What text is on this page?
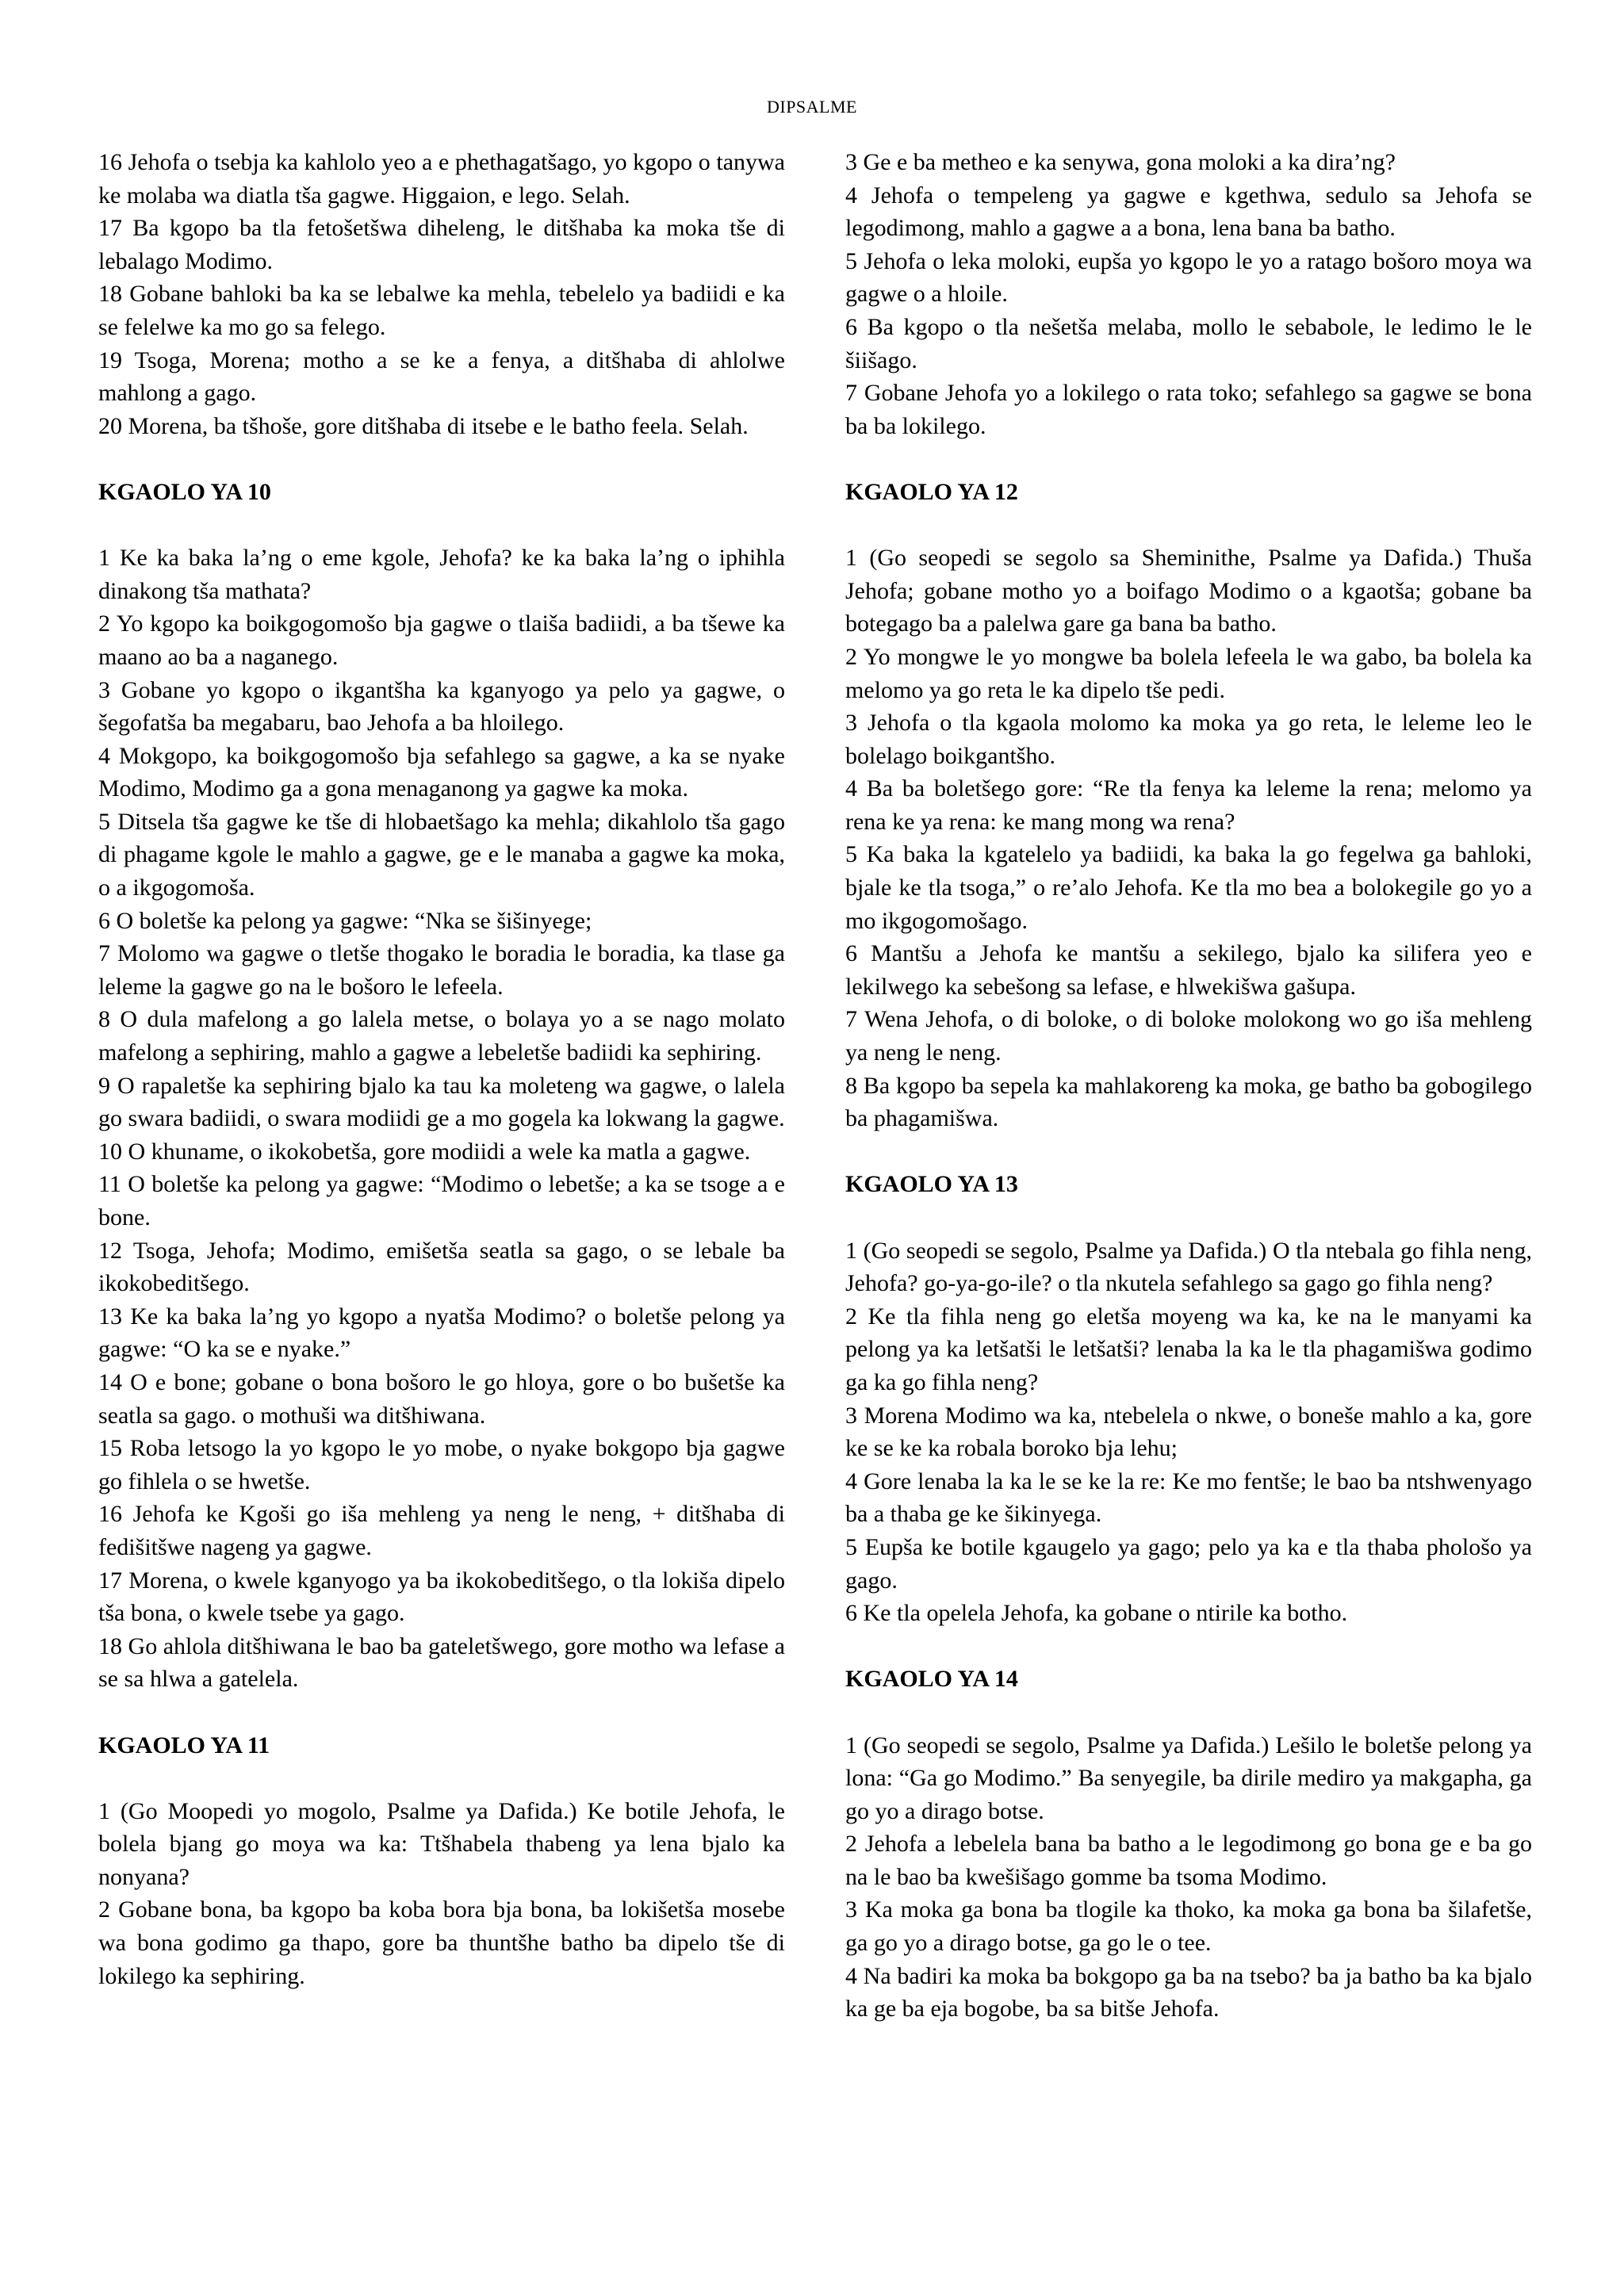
DIPSALME

16 Jehofa o tsebja ka kahlolo yeo a e phethagatšago, yo kgopo o tanywa ke molaba wa diatla tša gagwe. Higgaion, e lego. Selah.

17 Ba kgopo ba tla fetošetšwa diheleng, le ditšhaba ka moka tše di lebalago Modimo.

18 Gobane bahloki ba ka se lebalwe ka mehla, tebelelo ya badiidi e ka se felelwe ka mo go sa felego.

19 Tsoga, Morena; motho a se ke a fenya, a ditšhaba di ahlolwe mahlong a gago.

20 Morena, ba tšhoše, gore ditšhaba di itsebe e le batho feela. Selah.

KGAOLO YA 10

1 Ke ka baka la’ng o eme kgole, Jehofa? ke ka baka la’ng o iphihla dinakong tša mathata?

2 Yo kgopo ka boikgogomošo bja gagwe o tlaiša badiidi, a ba tšewe ka maano ao ba a naganego.

3 Gobane yo kgopo o ikgantšha ka kganyogo ya pelo ya gagwe, o šegofatša ba megabaru, bao Jehofa a ba hloilego.

4 Mokgopo, ka boikgogomošo bja sefahlego sa gagwe, a ka se nyake Modimo, Modimo ga a gona menaganong ya gagwe ka moka.

5 Ditsela tša gagwe ke tše di hlobaetšago ka mehla; dikahlolo tša gago di phagame kgole le mahlo a gagwe, ge e le manaba a gagwe ka moka, o a ikgogomoša.

6 O boletše ka pelong ya gagwe: “Nka se šišinyege;

7 Molomo wa gagwe o tletše thogako le boradia le boradia, ka tlase ga leleme la gagwe go na le bošoro le lefeela.

8 O dula mafelong a go lalela metse, o bolaya yo a se nago molato mafelong a sephiring, mahlo a gagwe a lebeletše badiidi ka sephiring.

9 O rapaletše ka sephiring bjalo ka tau ka moleteng wa gagwe, o lalela go swara badiidi, o swara modiidi ge a mo gogela ka lokwang la gagwe.

10 O khuname, o ikokobetša, gore modiidi a wele ka matla a gagwe.

11 O boletše ka pelong ya gagwe: “Modimo o lebetše; a ka se tsoge a e bone.

12 Tsoga, Jehofa; Modimo, emišetša seatla sa gago, o se lebale ba ikokobeditšego.

13 Ke ka baka la’ng yo kgopo a nyatša Modimo? o boletše pelong ya gagwe: “O ka se e nyake.”

14 O e bone; gobane o bona bošoro le go hloya, gore o bo bušetše ka seatla sa gago. o mothuši wa ditšhiwana.

15 Roba letsogo la yo kgopo le yo mobe, o nyake bokgopo bja gagwe go fihlela o se hwetše.

16 Jehofa ke Kgoši go iša mehleng ya neng le neng, + ditšhaba di fedišitšwe nageng ya gagwe.

17 Morena, o kwele kganyogo ya ba ikokobeditšego, o tla lokiša dipelo tša bona, o kwele tsebe ya gago.

18 Go ahlola ditšhiwana le bao ba gateletšwego, gore motho wa lefase a se sa hlwa a gatelela.

KGAOLO YA 11

1 (Go Moopedi yo mogolo, Psalme ya Dafida.) Ke botile Jehofa, le bolela bjang go moya wa ka: Ttšhabela thabeng ya lena bjalo ka nonyana?

2 Gobane bona, ba kgopo ba koba bora bja bona, ba lokišetša mosebe wa bona godimo ga thapo, gore ba thuntšhe batho ba dipelo tše di lokilego ka sephiring.

3 Ge e ba metheo e ka senywa, gona moloki a ka dira’ng?

4 Jehofa o tempeleng ya gagwe e kgethwa, sedulo sa Jehofa se legodimong, mahlo a gagwe a a bona, lena bana ba batho.

5 Jehofa o leka moloki, eupša yo kgopo le yo a ratago bošoro moya wa gagwe o a hloile.

6 Ba kgopo o tla nešetša melaba, mollo le sebabole, le ledimo le le šiišago.

7 Gobane Jehofa yo a lokilego o rata toko; sefahlego sa gagwe se bona ba ba lokilego.

KGAOLO YA 12

1 (Go seopedi se segolo sa Sheminithe, Psalme ya Dafida.) Thuša Jehofa; gobane motho yo a boifago Modimo o a kgaotša; gobane ba botegago ba a palelwa gare ga bana ba batho.

2 Yo mongwe le yo mongwe ba bolela lefeela le wa gabo, ba bolela ka melomo ya go reta le ka dipelo tše pedi.

3 Jehofa o tla kgaola molomo ka moka ya go reta, le leleme leo le bolelago boikgantšho.

4 Ba ba boletšego gore: “Re tla fenya ka leleme la rena; melomo ya rena ke ya rena: ke mang mong wa rena?

5 Ka baka la kgatelelo ya badiidi, ka baka la go fegelwa ga bahloki, bjale ke tla tsoga,” o re’alo Jehofa. Ke tla mo bea a bolokegile go yo a mo ikgogomošago.

6 Mantšu a Jehofa ke mantšu a sekilego, bjalo ka silifera yeo e lekilwego ka sebešong sa lefase, e hlwekišwa gašupa.

7 Wena Jehofa, o di boloke, o di boloke molokong wo go iša mehleng ya neng le neng.

8 Ba kgopo ba sepela ka mahlakoreng ka moka, ge batho ba gobogilego ba phagamišwa.

KGAOLO YA 13

1 (Go seopedi se segolo, Psalme ya Dafida.) O tla ntebala go fihla neng, Jehofa? go-ya-go-ile? o tla nkutela sefahlego sa gago go fihla neng?

2 Ke tla fihla neng go eletša moyeng wa ka, ke na le manyami ka pelong ya ka letšatši le letšatši? lenaba la ka le tla phagamišwa godimo ga ka go fihla neng?

3 Morena Modimo wa ka, ntebelela o nkwe, o boneše mahlo a ka, gore ke se ke ka robala boroko bja lehu;

4 Gore lenaba la ka le se ke la re: Ke mo fentše; le bao ba ntshwenyago ba a thaba ge ke šikinyega.

5 Eupša ke botile kgaugelo ya gago; pelo ya ka e tla thaba phološo ya gago.

6 Ke tla opelela Jehofa, ka gobane o ntirile ka botho.

KGAOLO YA 14

1 (Go seopedi se segolo, Psalme ya Dafida.) Lešilo le boletše pelong ya lona: “Ga go Modimo.” Ba senyegile, ba dirile mediro ya makgapha, ga go yo a dirago botse.

2 Jehofa a lebelela bana ba batho a le legodimong go bona ge e ba go na le bao ba kwešišago gomme ba tsoma Modimo.

3 Ka moka ga bona ba tlogile ka thoko, ka moka ga bona ba šilafetše, ga go yo a dirago botse, ga go le o tee.

4 Na badiri ka moka ba bokgopo ga ba na tsebo? ba ja batho ba ka bjalo ka ge ba eja bogobe, ba sa bitše Jehofa.
